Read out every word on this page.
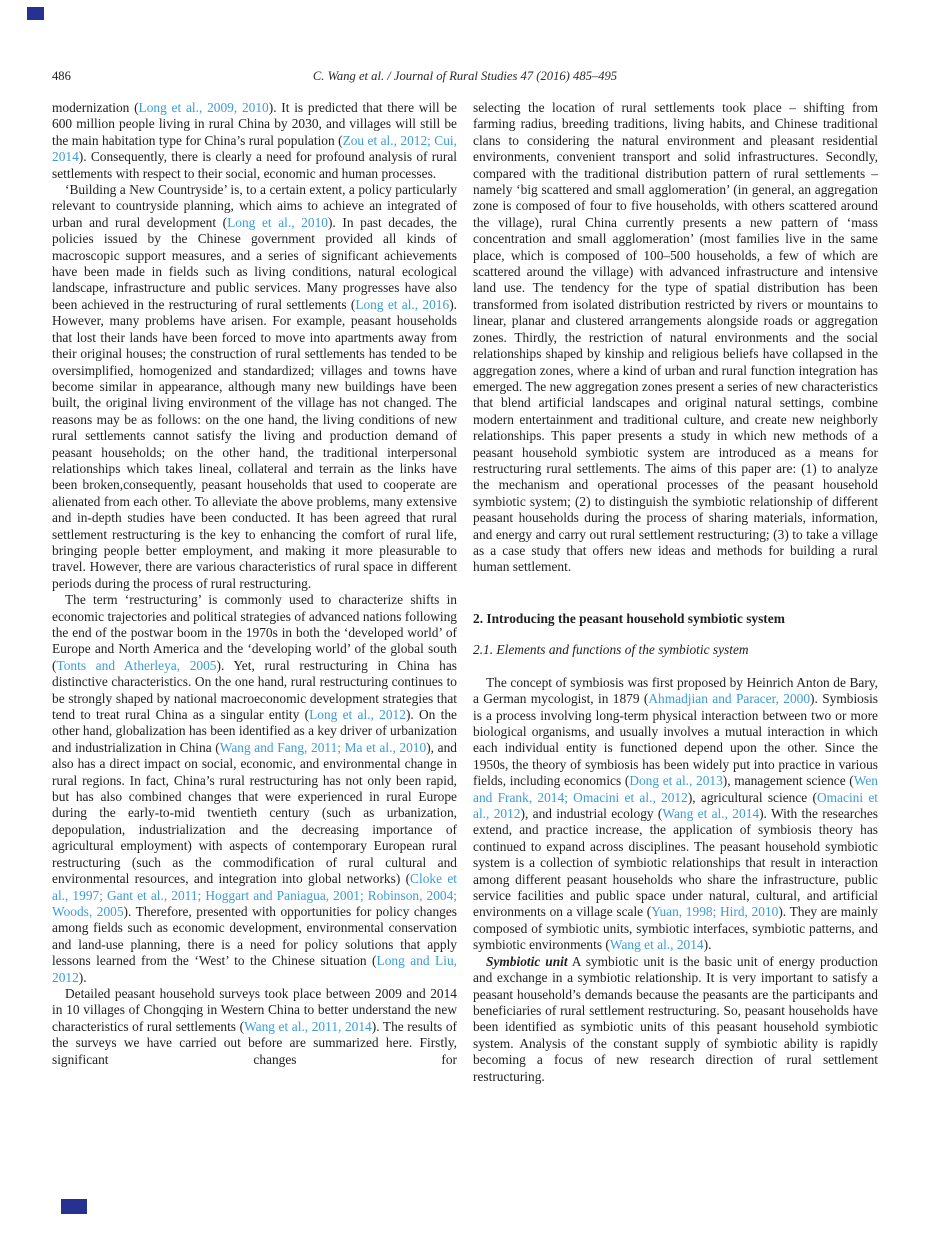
486	C. Wang et al. / Journal of Rural Studies 47 (2016) 485–495

modernization (Long et al., 2009, 2010). It is predicted that there will be 600 million people living in rural China by 2030, and villages will still be the main habitation type for China’s rural population (Zou et al., 2012; Cui, 2014). Consequently, there is clearly a need for profound analysis of rural settlements with respect to their social, economic and human processes.

‘Building a New Countryside’ is, to a certain extent, a policy particularly relevant to countryside planning, which aims to achieve an integrated of urban and rural development (Long et al., 2010). In past decades, the policies issued by the Chinese government provided all kinds of macroscopic support measures, and a series of significant achievements have been made in fields such as living conditions, natural ecological landscape, infrastructure and public services. Many progresses have also been achieved in the restructuring of rural settlements (Long et al., 2016). However, many problems have arisen. For example, peasant households that lost their lands have been forced to move into apartments away from their original houses; the construction of rural settlements has tended to be oversimplified, homogenized and standardized; villages and towns have become similar in appearance, although many new buildings have been built, the original living environment of the village has not changed. The reasons may be as follows: on the one hand, the living conditions of new rural settlements cannot satisfy the living and production demand of peasant households; on the other hand, the traditional interpersonal relationships which takes lineal, collateral and terrain as the links have been broken,consequently, peasant households that used to cooperate are alienated from each other. To alleviate the above problems, many extensive and in-depth studies have been conducted. It has been agreed that rural settlement restructuring is the key to enhancing the comfort of rural life, bringing people better employment, and making it more pleasurable to travel. However, there are various characteristics of rural space in different periods during the process of rural restructuring.

The term ‘restructuring’ is commonly used to characterize shifts in economic trajectories and political strategies of advanced nations following the end of the postwar boom in the 1970s in both the ‘developed world’ of Europe and North America and the ‘developing world’ of the global south (Tonts and Atherleya, 2005). Yet, rural restructuring in China has distinctive characteristics. On the one hand, rural restructuring continues to be strongly shaped by national macroeconomic development strategies that tend to treat rural China as a singular entity (Long et al., 2012). On the other hand, globalization has been identified as a key driver of urbanization and industrialization in China (Wang and Fang, 2011; Ma et al., 2010), and also has a direct impact on social, economic, and environmental change in rural regions. In fact, China’s rural restructuring has not only been rapid, but has also combined changes that were experienced in rural Europe during the early-to-mid twentieth century (such as urbanization, depopulation, industrialization and the decreasing importance of agricultural employment) with aspects of contemporary European rural restructuring (such as the commodification of rural cultural and environmental resources, and integration into global networks) (Cloke et al., 1997; Gant et al., 2011; Hoggart and Paniagua, 2001; Robinson, 2004; Woods, 2005). Therefore, presented with opportunities for policy changes among fields such as economic development, environmental conservation and land-use planning, there is a need for policy solutions that apply lessons learned from the ‘West’ to the Chinese situation (Long and Liu, 2012).

Detailed peasant household surveys took place between 2009 and 2014 in 10 villages of Chongqing in Western China to better understand the new characteristics of rural settlements (Wang et al., 2011, 2014). The results of the surveys we have carried out before are summarized here. Firstly, significant changes for

selecting the location of rural settlements took place – shifting from farming radius, breeding traditions, living habits, and Chinese traditional clans to considering the natural environment and pleasant residential environments, convenient transport and solid infrastructures. Secondly, compared with the traditional distribution pattern of rural settlements – namely ‘big scattered and small agglomeration’ (in general, an aggregation zone is composed of four to five households, with others scattered around the village), rural China currently presents a new pattern of ‘mass concentration and small agglomeration’ (most families live in the same place, which is composed of 100–500 households, a few of which are scattered around the village) with advanced infrastructure and intensive land use. The tendency for the type of spatial distribution has been transformed from isolated distribution restricted by rivers or mountains to linear, planar and clustered arrangements alongside roads or aggregation zones. Thirdly, the restriction of natural environments and the social relationships shaped by kinship and religious beliefs have collapsed in the aggregation zones, where a kind of urban and rural function integration has emerged. The new aggregation zones present a series of new characteristics that blend artificial landscapes and original natural settings, combine modern entertainment and traditional culture, and create new neighborly relationships. This paper presents a study in which new methods of a peasant household symbiotic system are introduced as a means for restructuring rural settlements. The aims of this paper are: (1) to analyze the mechanism and operational processes of the peasant household symbiotic system; (2) to distinguish the symbiotic relationship of different peasant households during the process of sharing materials, information, and energy and carry out rural settlement restructuring; (3) to take a village as a case study that offers new ideas and methods for building a rural human settlement.

2. Introducing the peasant household symbiotic system
2.1. Elements and functions of the symbiotic system

The concept of symbiosis was first proposed by Heinrich Anton de Bary, a German mycologist, in 1879 (Ahmadjian and Paracer, 2000). Symbiosis is a process involving long-term physical interaction between two or more biological organisms, and usually involves a mutual interaction in which each individual entity is functioned depend upon the other. Since the 1950s, the theory of symbiosis has been widely put into practice in various fields, including economics (Dong et al., 2013), management science (Wen and Frank, 2014; Omacini et al., 2012), agricultural science (Omacini et al., 2012), and industrial ecology (Wang et al., 2014). With the researches extend, and practice increase, the application of symbiosis theory has continued to expand across disciplines. The peasant household symbiotic system is a collection of symbiotic relationships that result in interaction among different peasant households who share the infrastructure, public service facilities and public space under natural, cultural, and artificial environments on a village scale (Yuan, 1998; Hird, 2010). They are mainly composed of symbiotic units, symbiotic interfaces, symbiotic patterns, and symbiotic environments (Wang et al., 2014).

Symbiotic unit A symbiotic unit is the basic unit of energy production and exchange in a symbiotic relationship. It is very important to satisfy a peasant household’s demands because the peasants are the participants and beneficiaries of rural settlement restructuring. So, peasant households have been identified as symbiotic units of this peasant household symbiotic system. Analysis of the constant supply of symbiotic ability is rapidly becoming a focus of new research direction of rural settlement restructuring.
